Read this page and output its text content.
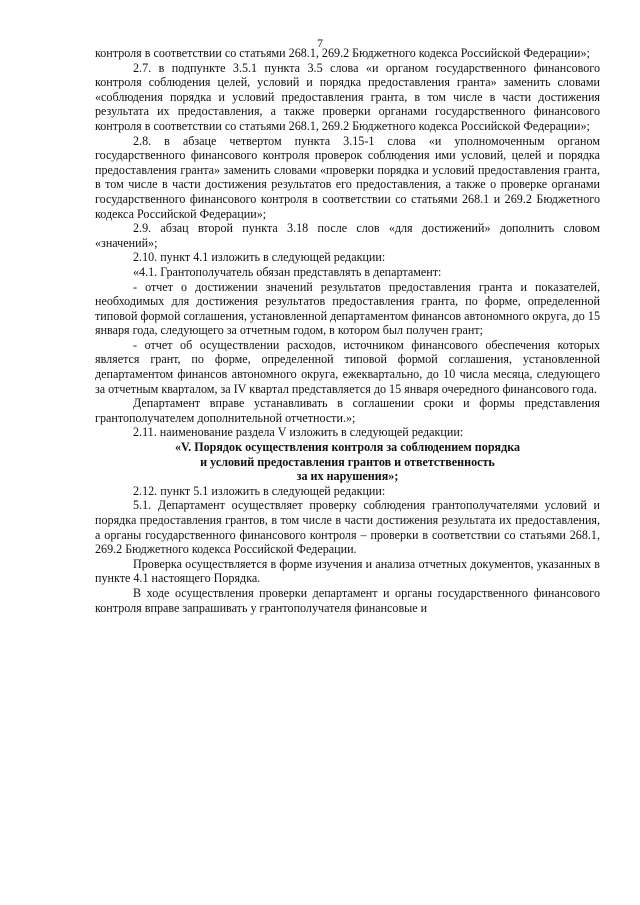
7

контроля в соответствии со статьями 268.1, 269.2 Бюджетного кодекса Российской Федерации»;

2.7. в подпункте 3.5.1 пункта 3.5 слова «и органом государственного финансового контроля соблюдения целей, условий и порядка предоставления гранта» заменить словами «соблюдения порядка и условий предоставления гранта, в том числе в части достижения результата их предоставления, а также проверки органами государственного финансового контроля в соответствии со статьями 268.1, 269.2 Бюджетного кодекса Российской Федерации»;

2.8. в абзаце четвертом пункта 3.15-1 слова «и уполномоченным органом государственного финансового контроля проверок соблюдения ими условий, целей и порядка предоставления гранта» заменить словами «проверки порядка и условий предоставления гранта, в том числе в части достижения результатов его предоставления, а также о проверке органами государственного финансового контроля в соответствии со статьями 268.1 и 269.2 Бюджетного кодекса Российской Федерации»;

2.9. абзац второй пункта 3.18 после слов «для достижений» дополнить словом «значений»;

2.10. пункт 4.1 изложить в следующей редакции:

«4.1. Грантополучатель обязан представлять в департамент:

- отчет о достижении значений результатов предоставления гранта и показателей, необходимых для достижения результатов предоставления гранта, по форме, определенной типовой формой соглашения, установленной департаментом финансов автономного округа, до 15 января года, следующего за отчетным годом, в котором был получен грант;

- отчет об осуществлении расходов, источником финансового обеспечения которых является грант, по форме, определенной типовой формой соглашения, установленной департаментом финансов автономного округа, ежеквартально, до 10 числа месяца, следующего за отчетным кварталом, за IV квартал представляется до 15 января очередного финансового года.

Департамент вправе устанавливать в соглашении сроки и формы представления грантополучателем дополнительной отчетности.»;

2.11. наименование раздела V изложить в следующей редакции:

«V. Порядок осуществления контроля за соблюдением порядка

и условий предоставления грантов и ответственность

за их нарушения»;

2.12. пункт 5.1 изложить в следующей редакции:

5.1. Департамент осуществляет проверку соблюдения грантополучателями условий и порядка предоставления грантов, в том числе в части достижения результата их предоставления, а органы государственного финансового контроля – проверки в соответствии со статьями 268.1, 269.2 Бюджетного кодекса Российской Федерации.

Проверка осуществляется в форме изучения и анализа отчетных документов, указанных в пункте 4.1 настоящего Порядка.

В ходе осуществления проверки департамент и органы государственного финансового контроля вправе запрашивать у грантополучателя финансовые и
